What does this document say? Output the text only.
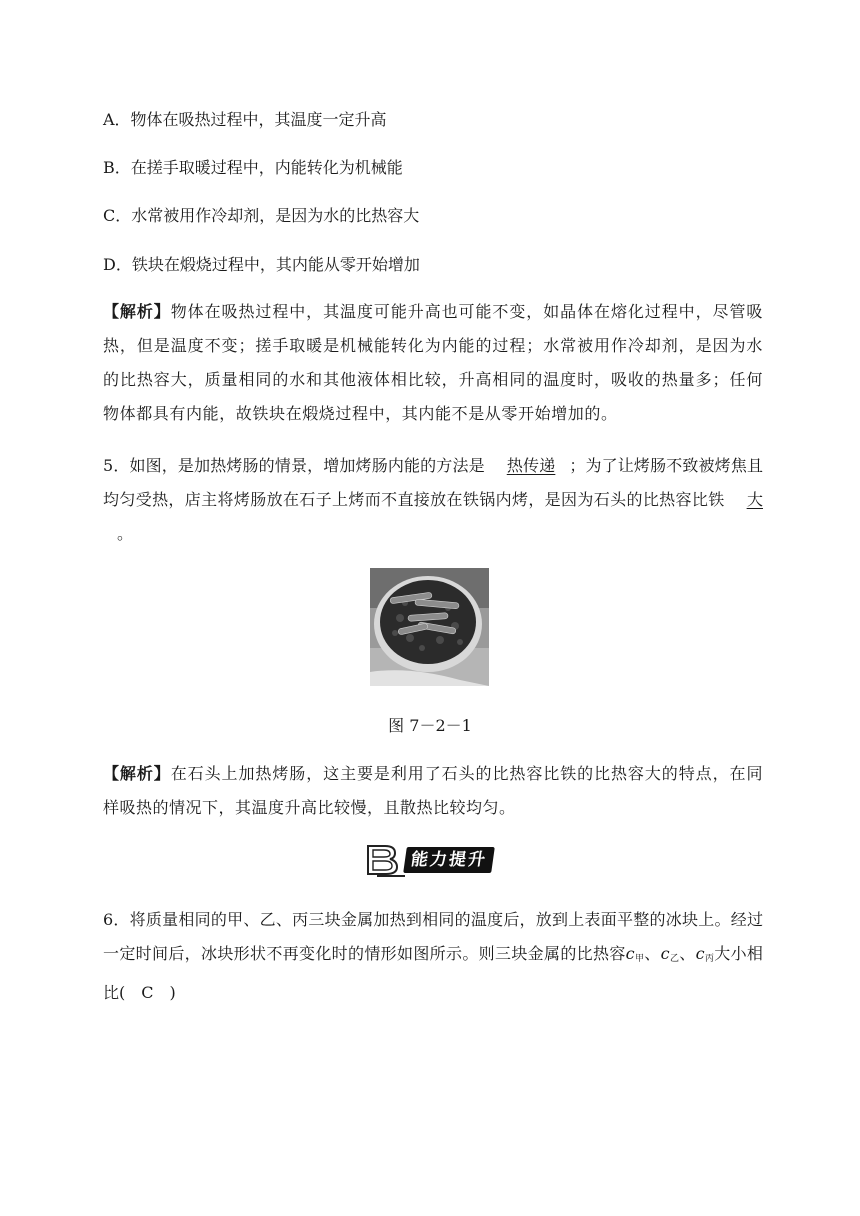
A．物体在吸热过程中，其温度一定升高
B．在搓手取暖过程中，内能转化为机械能
C．水常被用作冷却剂，是因为水的比热容大
D．铁块在煅烧过程中，其内能从零开始增加
【解析】物体在吸热过程中，其温度可能升高也可能不变，如晶体在熔化过程中，尽管吸热，但是温度不变；搓手取暖是机械能转化为内能的过程；水常被用作冷却剂，是因为水的比热容大，质量相同的水和其他液体相比较，升高相同的温度时，吸收的热量多；任何物体都具有内能，故铁块在煅烧过程中，其内能不是从零开始增加的。
5．如图，是加热烤肠的情景，增加烤肠内能的方法是 热传递 ；为了让烤肠不致被烤焦且均匀受热，店主将烤肠放在石子上烤而不直接放在铁锅内烤，是因为石头的比热容比铁 大。
图 7－2－1
【解析】在石头上加热烤肠，这主要是利用了石头的比热容比铁的比热容大的特点，在同样吸热的情况下，其温度升高比较慢，且散热比较均匀。
能力提升
6．将质量相同的甲、乙、丙三块金属加热到相同的温度后，放到上表面平整的冰块上。经过一定时间后，冰块形状不再变化时的情形如图所示。则三块金属的比热容$c_甲$、$c_乙$、$c_丙$大小相比(　C　)
